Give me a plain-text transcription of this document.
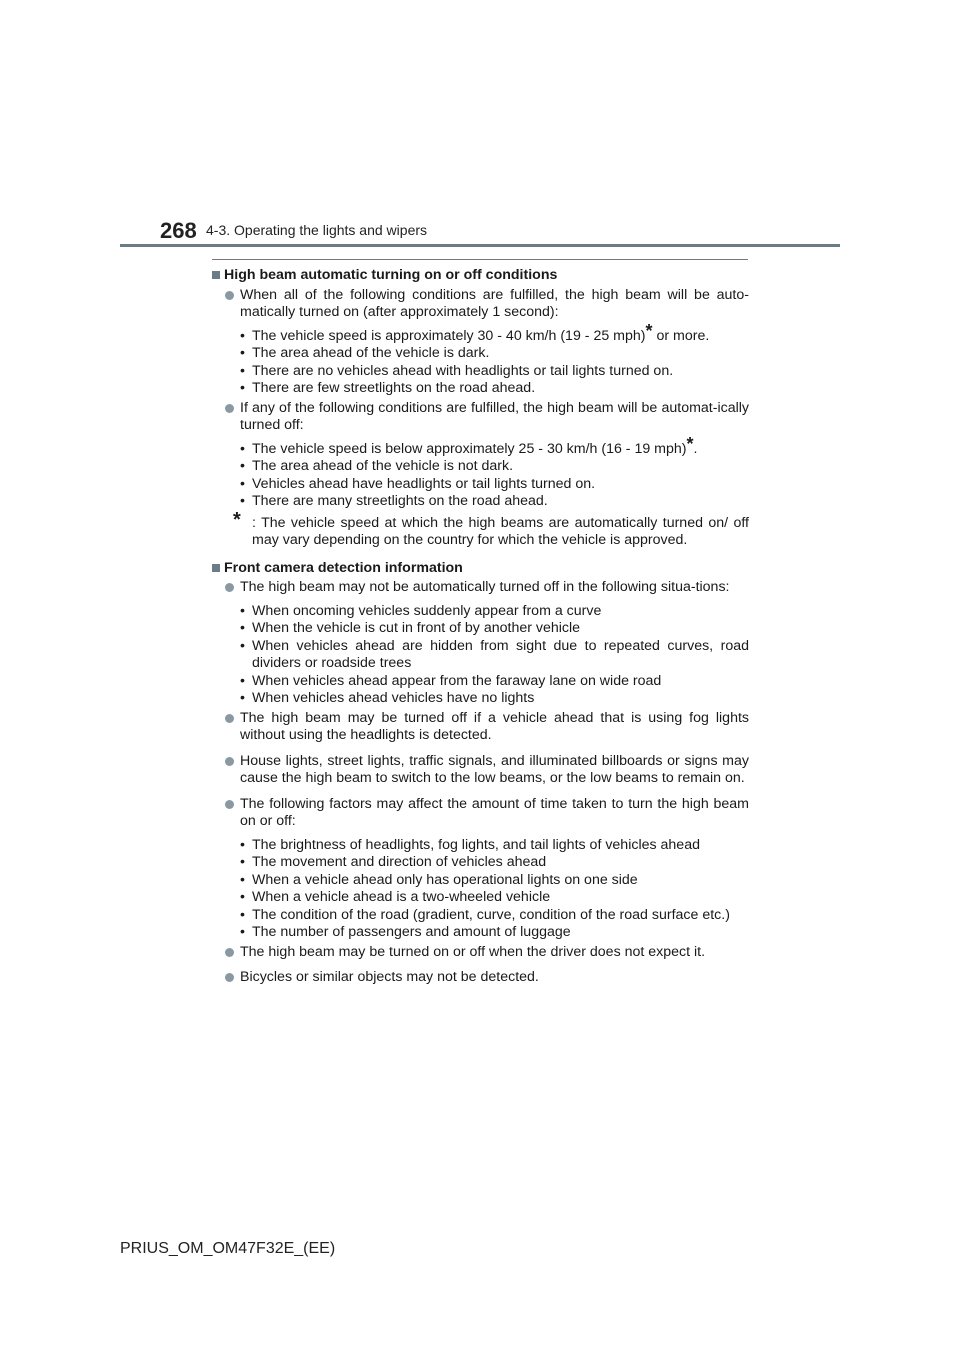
268 4-3. Operating the lights and wipers
High beam automatic turning on or off conditions
When all of the following conditions are fulfilled, the high beam will be auto-matically turned on (after approximately 1 second):
• The vehicle speed is approximately 30 - 40 km/h (19 - 25 mph)* or more.
• The area ahead of the vehicle is dark.
• There are no vehicles ahead with headlights or tail lights turned on.
• There are few streetlights on the road ahead.
If any of the following conditions are fulfilled, the high beam will be automat-ically turned off:
• The vehicle speed is below approximately 25 - 30 km/h (16 - 19 mph)*.
• The area ahead of the vehicle is not dark.
• Vehicles ahead have headlights or tail lights turned on.
• There are many streetlights on the road ahead.
* : The vehicle speed at which the high beams are automatically turned on/ off may vary depending on the country for which the vehicle is approved.
Front camera detection information
The high beam may not be automatically turned off in the following situa-tions:
• When oncoming vehicles suddenly appear from a curve
• When the vehicle is cut in front of by another vehicle
• When vehicles ahead are hidden from sight due to repeated curves, road dividers or roadside trees
• When vehicles ahead appear from the faraway lane on wide road
• When vehicles ahead vehicles have no lights
The high beam may be turned off if a vehicle ahead that is using fog lights without using the headlights is detected.
House lights, street lights, traffic signals, and illuminated billboards or signs may cause the high beam to switch to the low beams, or the low beams to remain on.
The following factors may affect the amount of time taken to turn the high beam on or off:
• The brightness of headlights, fog lights, and tail lights of vehicles ahead
• The movement and direction of vehicles ahead
• When a vehicle ahead only has operational lights on one side
• When a vehicle ahead is a two-wheeled vehicle
• The condition of the road (gradient, curve, condition of the road surface etc.)
• The number of passengers and amount of luggage
The high beam may be turned on or off when the driver does not expect it.
Bicycles or similar objects may not be detected.
PRIUS_OM_OM47F32E_(EE)
